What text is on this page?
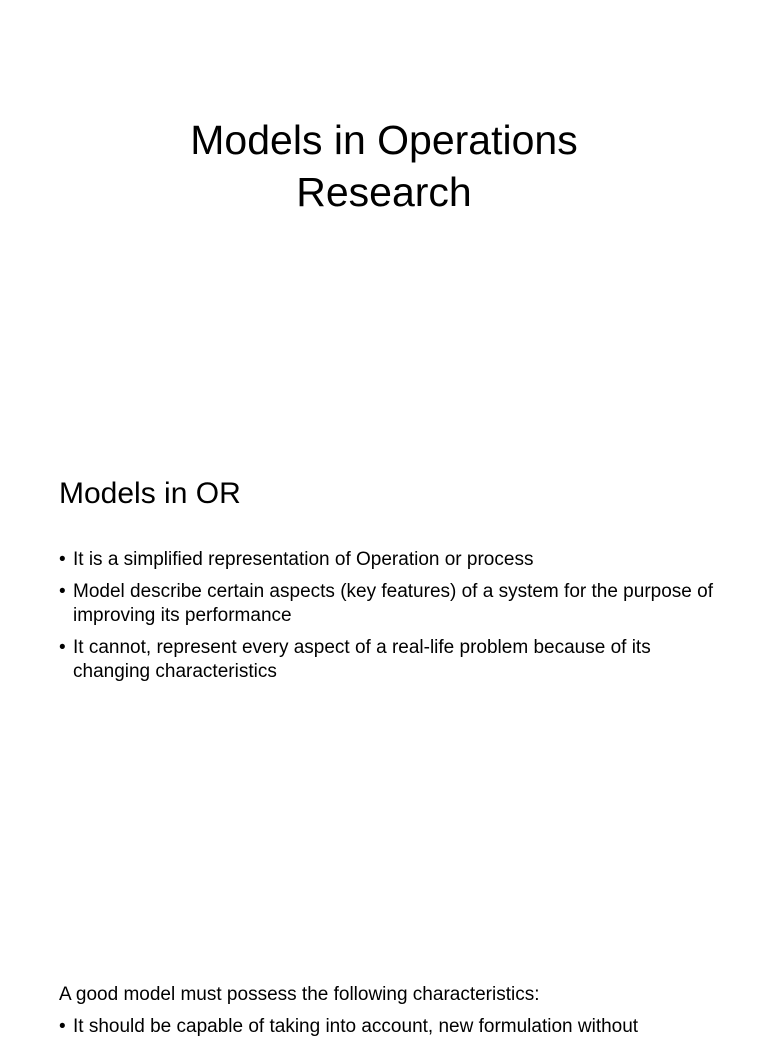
Models in Operations
Research
Models in OR
• It is a simplified representation of Operation or process
• Model describe certain aspects (key features) of a system for the purpose of improving its performance
• It cannot, represent every aspect of a real-life problem because of its changing characteristics

A good model must possess the following characteristics:

• It should be capable of taking into account, new formulation without
